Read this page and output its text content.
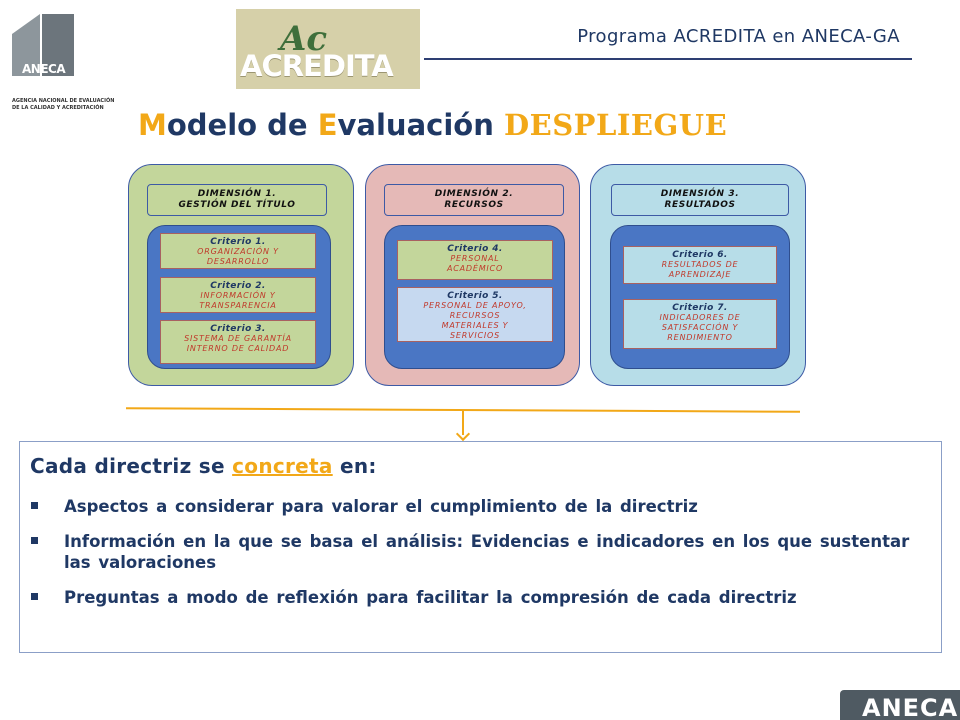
ANECA
AGENCIA NACIONAL DE EVALUACIÓN DE LA CALIDAD Y ACREDITACIÓN
Ac
ACREDITA
Programa ACREDITA en ANECA-GA
Modelo de Evaluación DESPLIEGUE
DIMENSIÓN 1.
GESTIÓN DEL TÍTULO
Criterio 1.
ORGANIZACIÓN Y
DESARROLLO
Criterio 2.
INFORMACIÓN Y
TRANSPARENCIA
Criterio 3.
SISTEMA DE GARANTÍA
INTERNO DE CALIDAD
DIMENSIÓN 2.
RECURSOS
Criterio 4.
PERSONAL
ACADÉMICO
Criterio 5.
PERSONAL DE APOYO,
RECURSOS
MATERIALES Y
SERVICIOS
DIMENSIÓN 3.
RESULTADOS
Criterio 6.
RESULTADOS DE
APRENDIZAJE
Criterio 7.
INDICADORES DE
SATISFACCIÓN Y
RENDIMIENTO
Cada directriz se concreta en:
Aspectos a considerar para valorar el cumplimiento de la directriz
Información en la que se basa el análisis: Evidencias e indicadores en los que sustentar las valoraciones
Preguntas a modo de reflexión para facilitar la compresión de cada directriz
ANECA
